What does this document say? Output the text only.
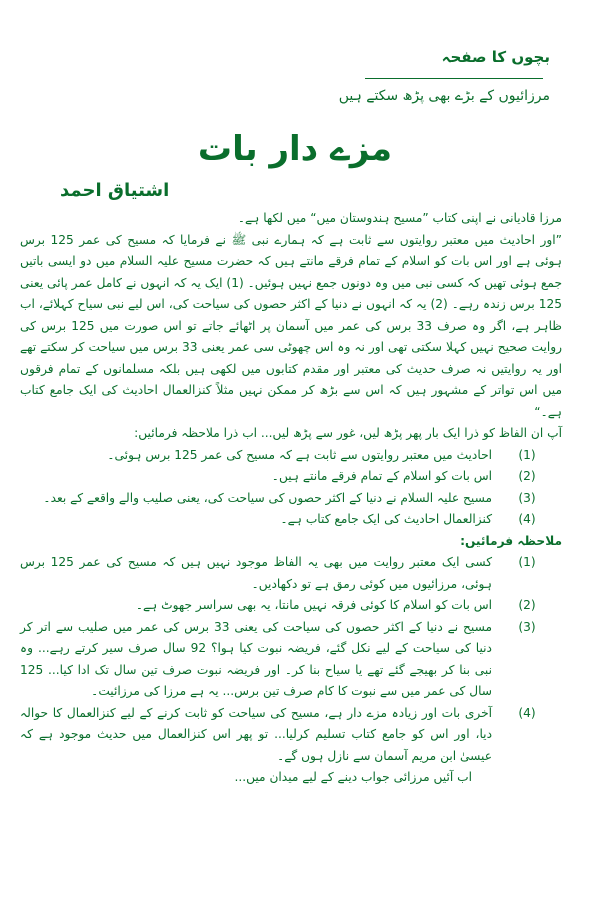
بچوں کا صفحہ
مرزائیوں کے بڑے بھی پڑھ سکتے ہیں
مزے دار بات
اشتیاق احمد

مرزا قادیانی نے اپنی کتاب ”مسیح ہندوستان میں“ میں لکھا ہے۔

”اور احادیث میں معتبر روایتوں سے ثابت ہے کہ ہمارے نبی ﷺ نے فرمایا کہ مسیح کی عمر 125 برس ہوئی ہے اور اس بات کو اسلام کے تمام فرقے مانتے ہیں کہ حضرت مسیح علیہ السلام میں دو ایسی باتیں جمع ہوئی تھیں کہ کسی نبی میں وہ دونوں جمع نہیں ہوئیں۔ (1) ایک یہ کہ انہوں نے کامل عمر پائی یعنی 125 برس زندہ رہے۔ (2) یہ کہ انہوں نے دنیا کے اکثر حصوں کی سیاحت کی، اس لیے نبی سیاح کہلائے، اب ظاہر ہے، اگر وہ صرف 33 برس کی عمر میں آسمان پر اٹھائے جاتے تو اس صورت میں 125 برس کی روایت صحیح نہیں کہلا سکتی تھی اور نہ وہ اس چھوٹی سی عمر یعنی 33 برس میں سیاحت کر سکتے تھے اور یہ روایتیں نہ صرف حدیث کی معتبر اور مقدم کتابوں میں لکھی ہیں بلکہ مسلمانوں کے تمام فرقوں میں اس تواتر کے مشہور ہیں کہ اس سے بڑھ کر ممکن نہیں مثلاً کنزالعمال احادیث کی ایک جامع کتاب ہے۔“

آپ ان الفاظ کو ذرا ایک بار پھر پڑھ لیں، غور سے پڑھ لیں... اب ذرا ملاحظہ فرمائیں:

(1)
احادیث میں معتبر روایتوں سے ثابت ہے کہ مسیح کی عمر 125 برس ہوئی۔
(2)
اس بات کو اسلام کے تمام فرقے مانتے ہیں۔
(3)
مسیح علیہ السلام نے دنیا کے اکثر حصوں کی سیاحت کی، یعنی صلیب والے واقعے کے بعد۔
(4)
کنزالعمال احادیث کی ایک جامع کتاب ہے۔

ملاحظہ فرمائیں:

(1)
کسی ایک معتبر روایت میں بھی یہ الفاظ موجود نہیں ہیں کہ مسیح کی عمر 125 برس ہوئی، مرزائیوں میں کوئی رمق ہے تو دکھادیں۔
(2)
اس بات کو اسلام کا کوئی فرقہ نہیں مانتا، یہ بھی سراسر جھوٹ ہے۔
(3)
مسیح نے دنیا کے اکثر حصوں کی سیاحت کی یعنی 33 برس کی عمر میں صلیب سے اتر کر دنیا کی سیاحت کے لیے نکل گئے، فریضہ نبوت کیا ہوا؟ 92 سال صرف سیر کرتے رہے... وہ نبی بنا کر بھیجے گئے تھے یا سیاح بنا کر۔ اور فریضہ نبوت صرف تین سال تک ادا کیا... 125 سال کی عمر میں سے نبوت کا کام صرف تین برس... یہ ہے مرزا کی مرزائیت۔
(4)
آخری بات اور زیادہ مزے دار ہے، مسیح کی سیاحت کو ثابت کرنے کے لیے کنزالعمال کا حوالہ دیا، اور اس کو جامع کتاب تسلیم کرلیا... تو پھر اس کنزالعمال میں حدیث موجود ہے کہ عیسیٰ ابن مریم آسمان سے نازل ہوں گے۔

اب آئیں مرزائی جواب دینے کے لیے میدان میں...
